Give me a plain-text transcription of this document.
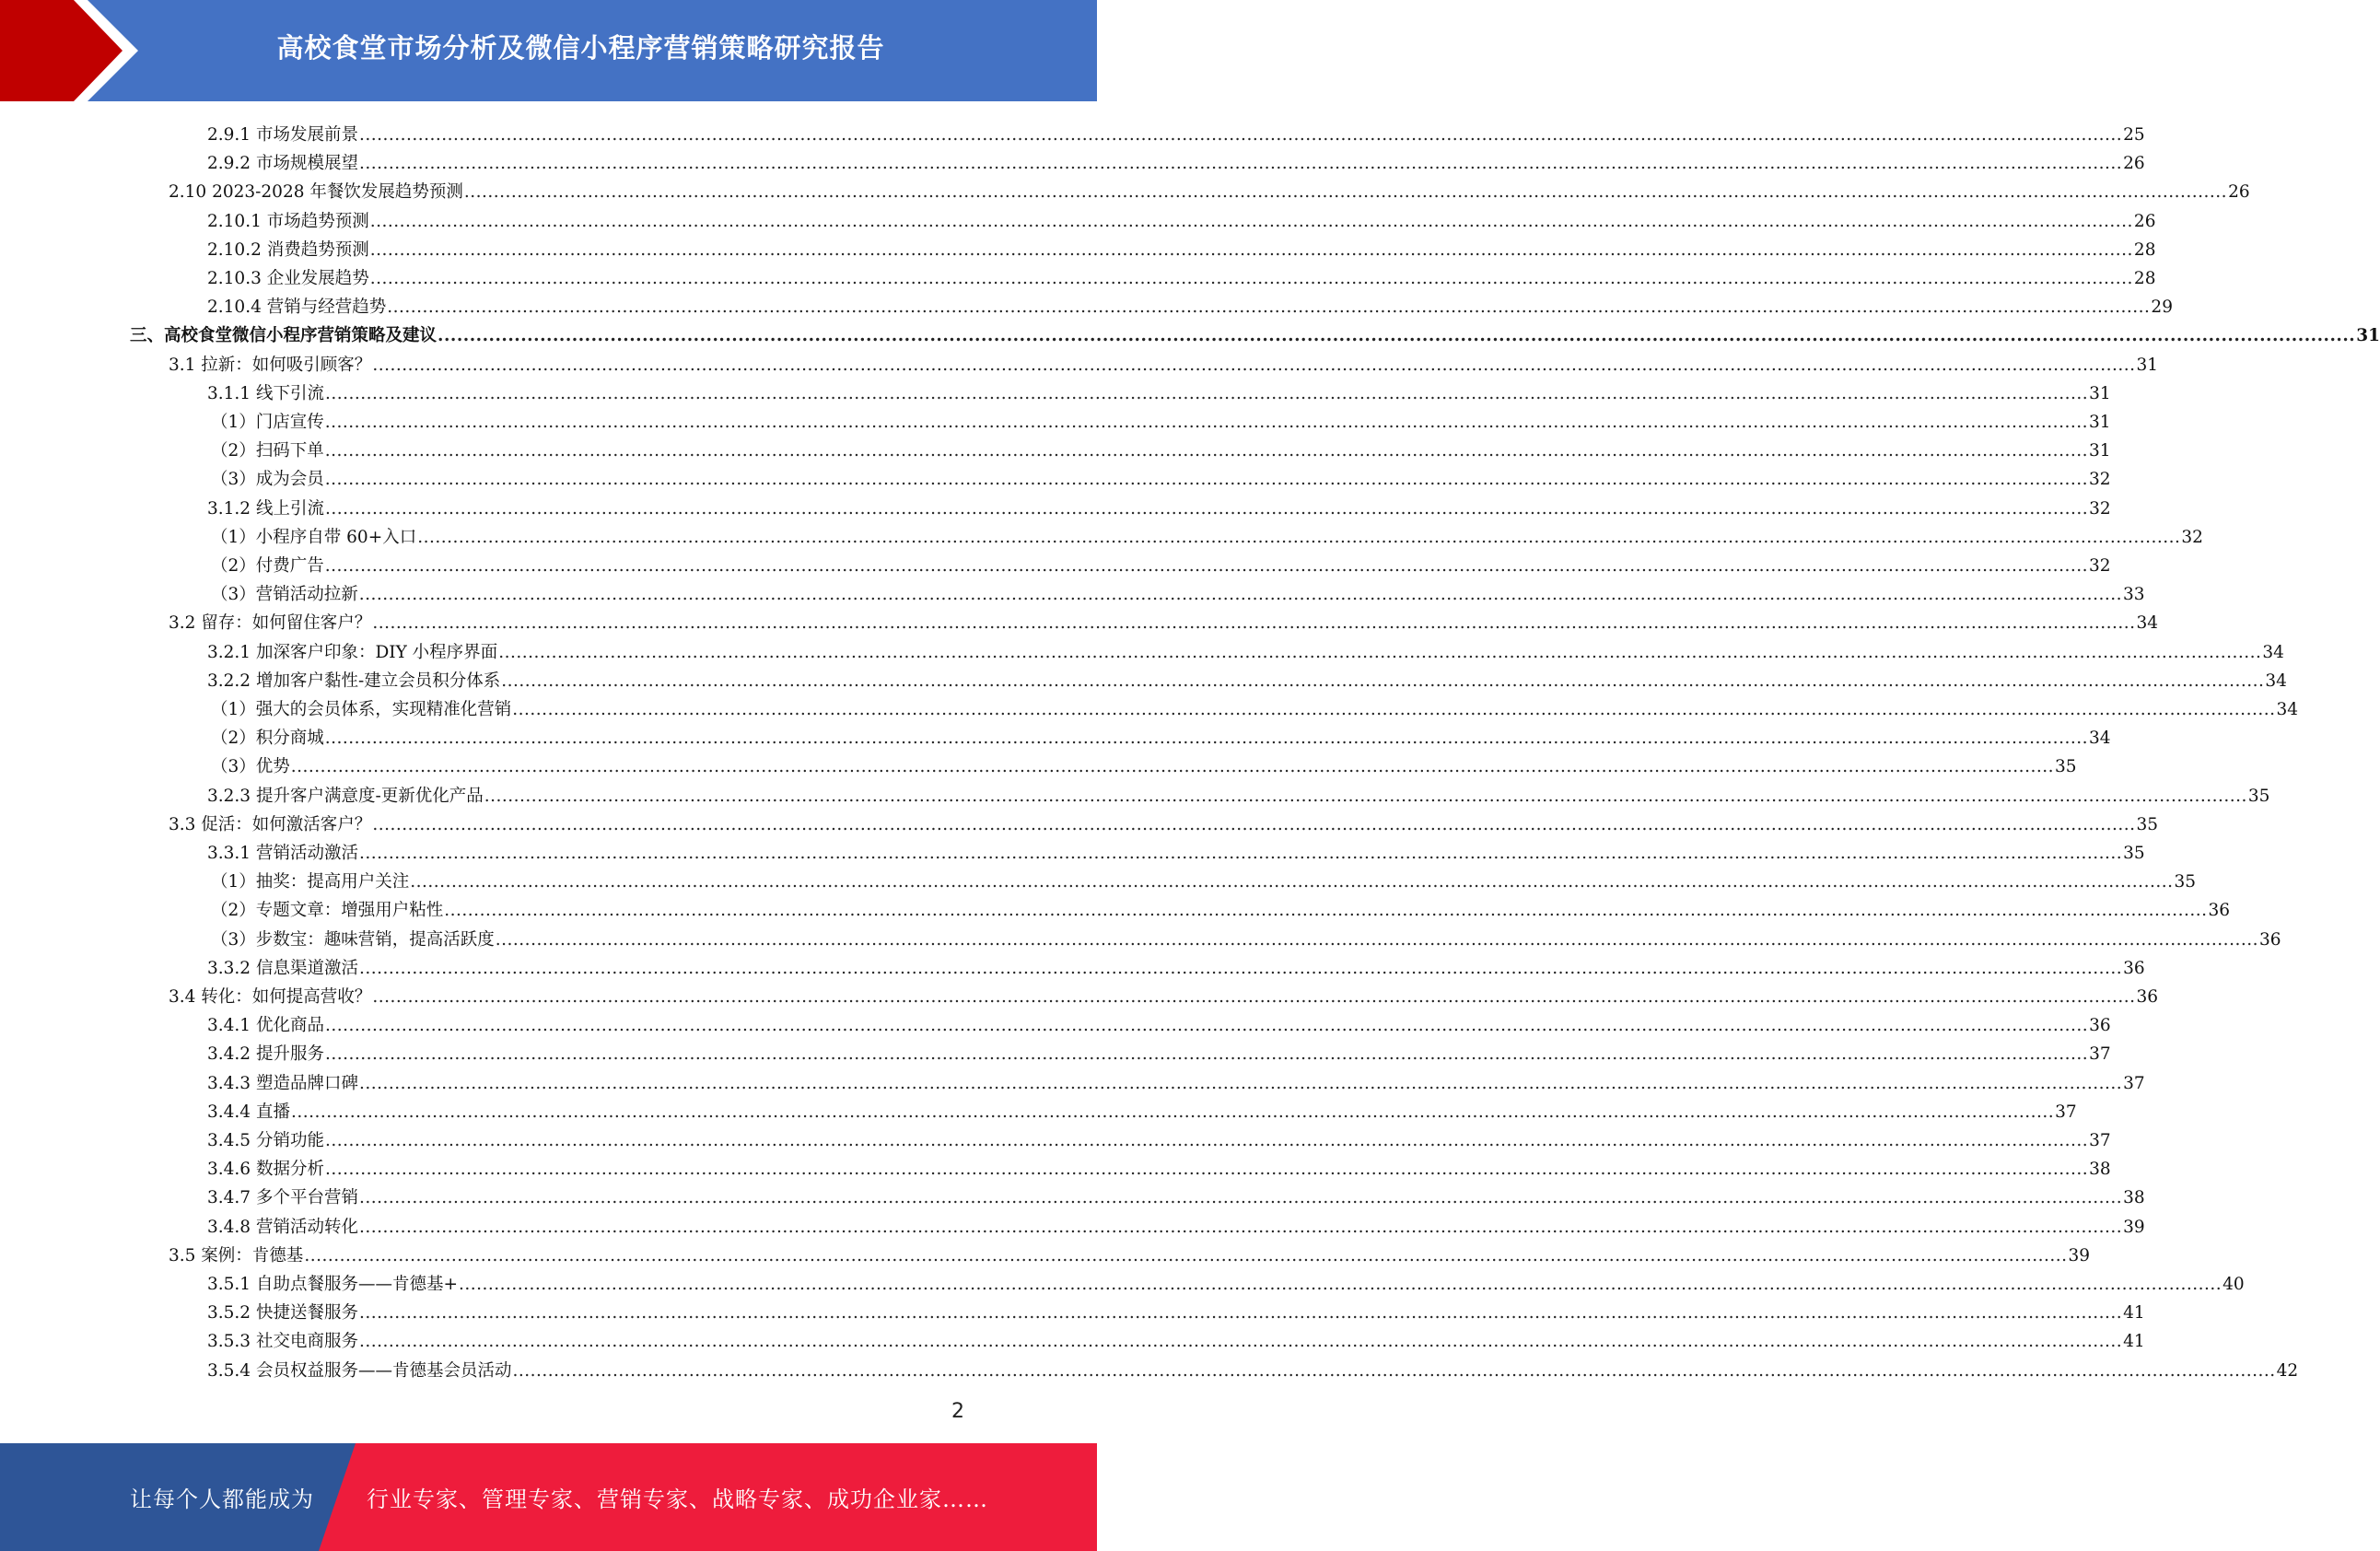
高校食堂市场分析及微信小程序营销策略研究报告
2.9.1 市场发展前景 ............................................................................................................................................................................................................................................................................................................ 25
2.9.2 市场规模展望 ............................................................................................................................................................................................................................................................................................................ 26
2.10 2023-2028 年餐饮发展趋势预测 ............................................................................................................................................................................................................................................................................................................ 26
2.10.1 市场趋势预测 ............................................................................................................................................................................................................................................................................................................ 26
2.10.2 消费趋势预测 ............................................................................................................................................................................................................................................................................................................ 28
2.10.3 企业发展趋势 ............................................................................................................................................................................................................................................................................................................ 28
2.10.4 营销与经营趋势 ............................................................................................................................................................................................................................................................................................................ 29
三、高校食堂微信小程序营销策略及建议 ............................................................................................................................................................................................................................................................................................................ 31
3.1 拉新：如何吸引顾客？ ............................................................................................................................................................................................................................................................................................................ 31
3.1.1 线下引流 ............................................................................................................................................................................................................................................................................................................ 31
（1）门店宣传 ............................................................................................................................................................................................................................................................................................................ 31
（2）扫码下单 ............................................................................................................................................................................................................................................................................................................ 31
（3）成为会员 ............................................................................................................................................................................................................................................................................................................ 32
3.1.2 线上引流 ............................................................................................................................................................................................................................................................................................................ 32
（1）小程序自带 60+入口 ............................................................................................................................................................................................................................................................................................................ 32
（2）付费广告 ............................................................................................................................................................................................................................................................................................................ 32
（3）营销活动拉新 ............................................................................................................................................................................................................................................................................................................ 33
3.2 留存：如何留住客户？ ............................................................................................................................................................................................................................................................................................................ 34
3.2.1 加深客户印象：DIY 小程序界面 ............................................................................................................................................................................................................................................................................................................ 34
3.2.2 增加客户黏性-建立会员积分体系 ............................................................................................................................................................................................................................................................................................................ 34
（1）强大的会员体系，实现精准化营销 ............................................................................................................................................................................................................................................................................................................ 34
（2）积分商城 ............................................................................................................................................................................................................................................................................................................ 34
（3）优势 ............................................................................................................................................................................................................................................................................................................ 35
3.2.3 提升客户满意度-更新优化产品 ............................................................................................................................................................................................................................................................................................................ 35
3.3 促活：如何激活客户？ ............................................................................................................................................................................................................................................................................................................ 35
3.3.1 营销活动激活 ............................................................................................................................................................................................................................................................................................................ 35
（1）抽奖：提高用户关注 ............................................................................................................................................................................................................................................................................................................ 35
（2）专题文章：增强用户粘性 ............................................................................................................................................................................................................................................................................................................ 36
（3）步数宝：趣味营销，提高活跃度 ............................................................................................................................................................................................................................................................................................................ 36
3.3.2 信息渠道激活 ............................................................................................................................................................................................................................................................................................................ 36
3.4 转化：如何提高营收？ ............................................................................................................................................................................................................................................................................................................ 36
3.4.1 优化商品 ............................................................................................................................................................................................................................................................................................................ 36
3.4.2 提升服务 ............................................................................................................................................................................................................................................................................................................ 37
3.4.3 塑造品牌口碑 ............................................................................................................................................................................................................................................................................................................ 37
3.4.4 直播 ............................................................................................................................................................................................................................................................................................................ 37
3.4.5 分销功能 ............................................................................................................................................................................................................................................................................................................ 37
3.4.6 数据分析 ............................................................................................................................................................................................................................................................................................................ 38
3.4.7 多个平台营销 ............................................................................................................................................................................................................................................................................................................ 38
3.4.8 营销活动转化 ............................................................................................................................................................................................................................................................................................................ 39
3.5 案例：肯德基 ............................................................................................................................................................................................................................................................................................................ 39
3.5.1 自助点餐服务——肯德基+ ............................................................................................................................................................................................................................................................................................................ 40
3.5.2 快捷送餐服务 ............................................................................................................................................................................................................................................................................................................ 41
3.5.3 社交电商服务 ............................................................................................................................................................................................................................................................................................................ 41
3.5.4 会员权益服务——肯德基会员活动 ............................................................................................................................................................................................................................................................................................................ 42
2
让每个人都能成为 行业专家、管理专家、营销专家、战略专家、成功企业家……
